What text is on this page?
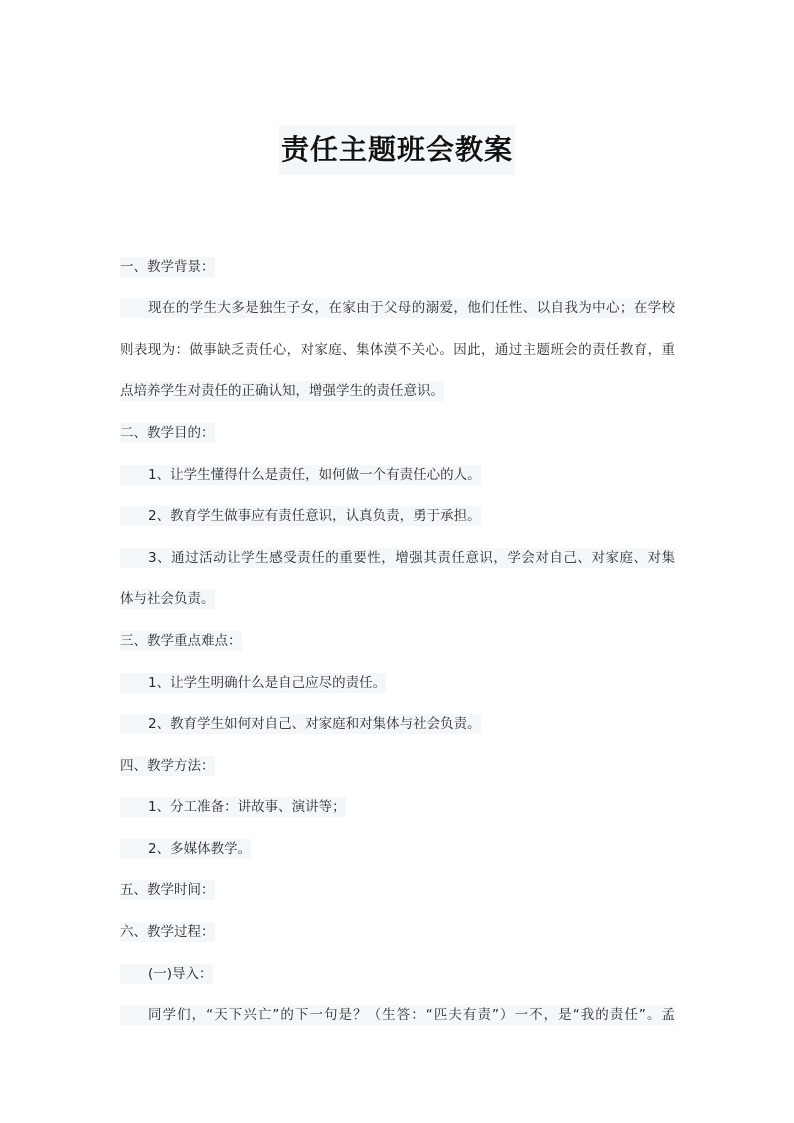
责任主题班会教案
一、教学背景：
现在的学生大多是独生子女，在家由于父母的溺爱，他们任性、以自我为中心；在学校
则表现为：做事缺乏责任心，对家庭、集体漠不关心。因此，通过主题班会的责任教育，重
点培养学生对责任的正确认知，增强学生的责任意识。
二、教学目的：
1、让学生懂得什么是责任，如何做一个有责任心的人。
2、教育学生做事应有责任意识，认真负责，勇于承担。
3、通过活动让学生感受责任的重要性，增强其责任意识，学会对自己、对家庭、对集
体与社会负责。
三、教学重点难点：
1、让学生明确什么是自己应尽的责任。
2、教育学生如何对自己、对家庭和对集体与社会负责。
四、教学方法：
1、分工准备：讲故事、演讲等；
2、多媒体教学。
五、教学时间：
六、教学过程：
(一)导入：
同学们，“天下兴亡”的下一句是？（生答：“匹夫有责”）一不，是“我的责任”。孟
